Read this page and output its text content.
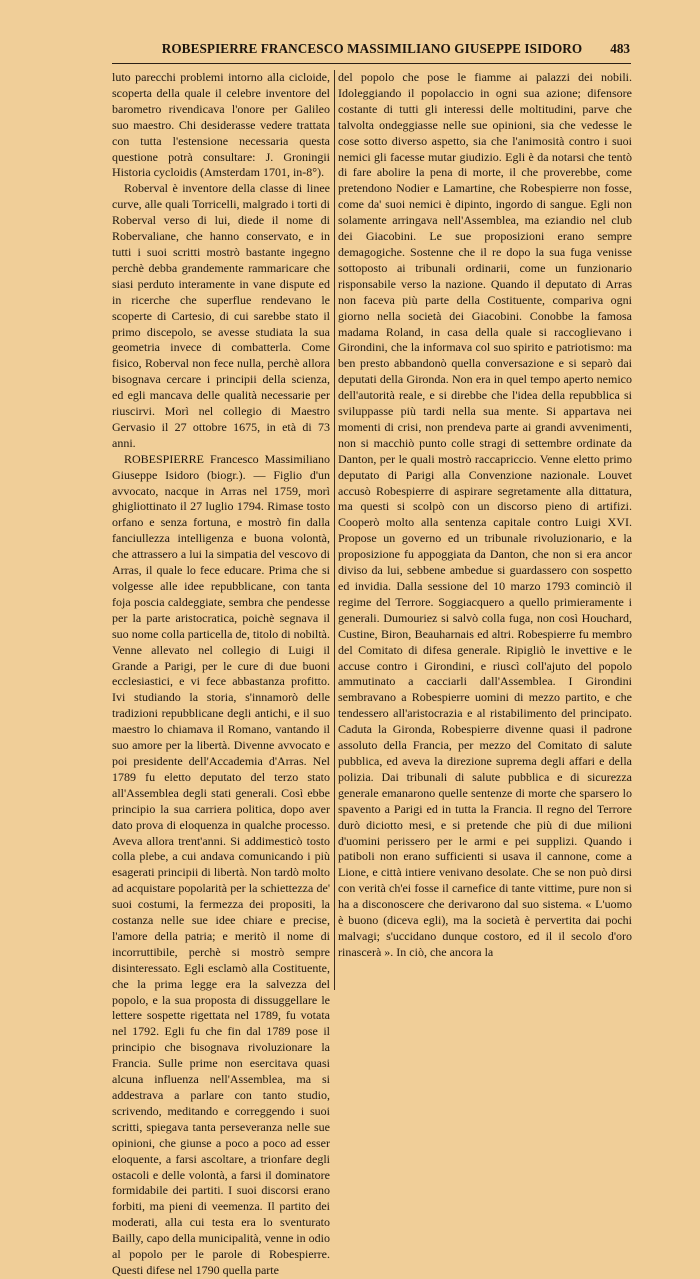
ROBESPIERRE FRANCESCO MASSIMILIANO GIUSEPPE ISIDORO	483

luto parecchi problemi intorno alla cicloide, scoperta della quale il celebre inventore del barometro rivendicava l'onore per Galileo suo maestro. Chi desiderasse vedere trattata con tutta l'estensione necessaria questa questione potrà consultare: J. Groningii Historia cycloidis (Amsterdam 1701, in-8°).

Roberval è inventore della classe di linee curve, alle quali Torricelli, malgrado i torti di Roberval verso di lui, diede il nome di Robervaliane, che hanno conservato, e in tutti i suoi scritti mostrò bastante ingegno perchè debba grandemente rammaricare che siasi perduto interamente in vane dispute ed in ricerche che superflue rendevano le scoperte di Cartesio, di cui sarebbe stato il primo discepolo, se avesse studiata la sua geometria invece di combatterla. Come fisico, Roberval non fece nulla, perchè allora bisognava cercare i principii della scienza, ed egli mancava delle qualità necessarie per riuscirvi. Morì nel collegio di Maestro Gervasio il 27 ottobre 1675, in età di 73 anni.

ROBESPIERRE Francesco Massimiliano Giuseppe Isidoro (biogr.). — Figlio d'un avvocato, nacque in Arras nel 1759, morì ghigliottinato il 27 luglio 1794. Rimase tosto orfano e senza fortuna, e mostrò fin dalla fanciullezza intelligenza e buona volontà, che attrassero a lui la simpatia del vescovo di Arras, il quale lo fece educare. Prima che si volgesse alle idee repubblicane, con tanta foja poscia caldeggiate, sembra che pendesse per la parte aristocratica, poichè segnava il suo nome colla particella de, titolo di nobiltà. Venne allevato nel collegio di Luigi il Grande a Parigi, per le cure di due buoni ecclesiastici, e vi fece abbastanza profitto. Ivi studiando la storia, s'innamorò delle tradizioni repubblicane degli antichi, e il suo maestro lo chiamava il Romano, vantando il suo amore per la libertà. Divenne avvocato e poi presidente dell'Accademia d'Arras. Nel 1789 fu eletto deputato del terzo stato all'Assemblea degli stati generali. Così ebbe principio la sua carriera politica, dopo aver dato prova di eloquenza in qualche processo. Aveva allora trent'anni. Si addimesticò tosto colla plebe, a cui andava comunicando i più esagerati principii di libertà. Non tardò molto ad acquistare popolarità per la schiettezza de' suoi costumi, la fermezza dei propositi, la costanza nelle sue idee chiare e precise, l'amore della patria; e meritò il nome di incorruttibile, perchè si mostrò sempre disinteressato. Egli esclamò alla Costituente, che la prima legge era la salvezza del popolo, e la sua proposta di dissuggellare le lettere sospette rigettata nel 1789, fu votata nel 1792. Egli fu che fin dal 1789 pose il principio che bisognava rivoluzionare la Francia. Sulle prime non esercitava quasi alcuna influenza nell'Assemblea, ma si addestrava a parlare con tanto studio, scrivendo, meditando e correggendo i suoi scritti, spiegava tanta perseveranza nelle sue opinioni, che giunse a poco a poco ad esser eloquente, a farsi ascoltare, a trionfare degli ostacoli e delle volontà, a farsi il dominatore formidabile dei partiti. I suoi discorsi erano forbiti, ma pieni di veemenza. Il partito dei moderati, alla cui testa era lo sventurato Bailly, capo della municipalità, venne in odio al popolo per le parole di Robespierre. Questi difese nel 1790 quella parte

del popolo che pose le fiamme ai palazzi dei nobili. Idoleggiando il popolaccio in ogni sua azione; difensore costante di tutti gli interessi delle moltitudini, parve che talvolta ondeggiasse nelle sue opinioni, sia che vedesse le cose sotto diverso aspetto, sia che l'animosità contro i suoi nemici gli facesse mutar giudizio. Egli è da notarsi che tentò di fare abolire la pena di morte, il che proverebbe, come pretendono Nodier e Lamartine, che Robespierre non fosse, come da' suoi nemici è dipinto, ingordo di sangue. Egli non solamente arringava nell'Assemblea, ma eziandio nel club dei Giacobini. Le sue proposizioni erano sempre demagogiche. Sostenne che il re dopo la sua fuga venisse sottoposto ai tribunali ordinarii, come un funzionario risponsabile verso la nazione. Quando il deputato di Arras non faceva più parte della Costituente, compariva ogni giorno nella società dei Giacobini. Conobbe la famosa madama Roland, in casa della quale si raccoglievano i Girondini, che la informava col suo spirito e patriotismo: ma ben presto abbandonò quella conversazione e si separò dai deputati della Gironda. Non era in quel tempo aperto nemico dell'autorità reale, e si direbbe che l'idea della repubblica si sviluppasse più tardi nella sua mente. Si appartava nei momenti di crisi, non prendeva parte ai grandi avvenimenti, non si macchiò punto colle stragi di settembre ordinate da Danton, per le quali mostrò raccapriccio. Venne eletto primo deputato di Parigi alla Convenzione nazionale. Louvet accusò Robespierre di aspirare segretamente alla dittatura, ma questi si scolpò con un discorso pieno di artifizi. Cooperò molto alla sentenza capitale contro Luigi XVI. Propose un governo ed un tribunale rivoluzionario, e la proposizione fu appoggiata da Danton, che non si era ancor diviso da lui, sebbene ambedue si guardassero con sospetto ed invidia. Dalla sessione del 10 marzo 1793 cominciò il regime del Terrore. Soggiacquero a quello primieramente i generali. Dumouriez si salvò colla fuga, non così Houchard, Custine, Biron, Beauharnais ed altri. Robespierre fu membro del Comitato di difesa generale. Ripigliò le invettive e le accuse contro i Girondini, e riuscì coll'ajuto del popolo ammutinato a cacciarli dall'Assemblea. I Girondini sembravano a Robespierre uomini di mezzo partito, e che tendessero all'aristocrazia e al ristabilimento del principato. Caduta la Gironda, Robespierre divenne quasi il padrone assoluto della Francia, per mezzo del Comitato di salute pubblica, ed aveva la direzione suprema degli affari e della polizia. Dai tribunali di salute pubblica e di sicurezza generale emanarono quelle sentenze di morte che sparsero lo spavento a Parigi ed in tutta la Francia. Il regno del Terrore durò diciotto mesi, e si pretende che più di due milioni d'uomini perissero per le armi e pei supplizi. Quando i patiboli non erano sufficienti si usava il cannone, come a Lione, e città intiere venivano desolate. Che se non può dirsi con verità ch'ei fosse il carnefice di tante vittime, pure non si ha a disconoscere che derivarono dal suo sistema. « L'uomo è buono (diceva egli), ma la società è pervertita dai pochi malvagi; s'uccidano dunque costoro, ed il il secolo d'oro rinascerà ». In ciò, che ancora la
